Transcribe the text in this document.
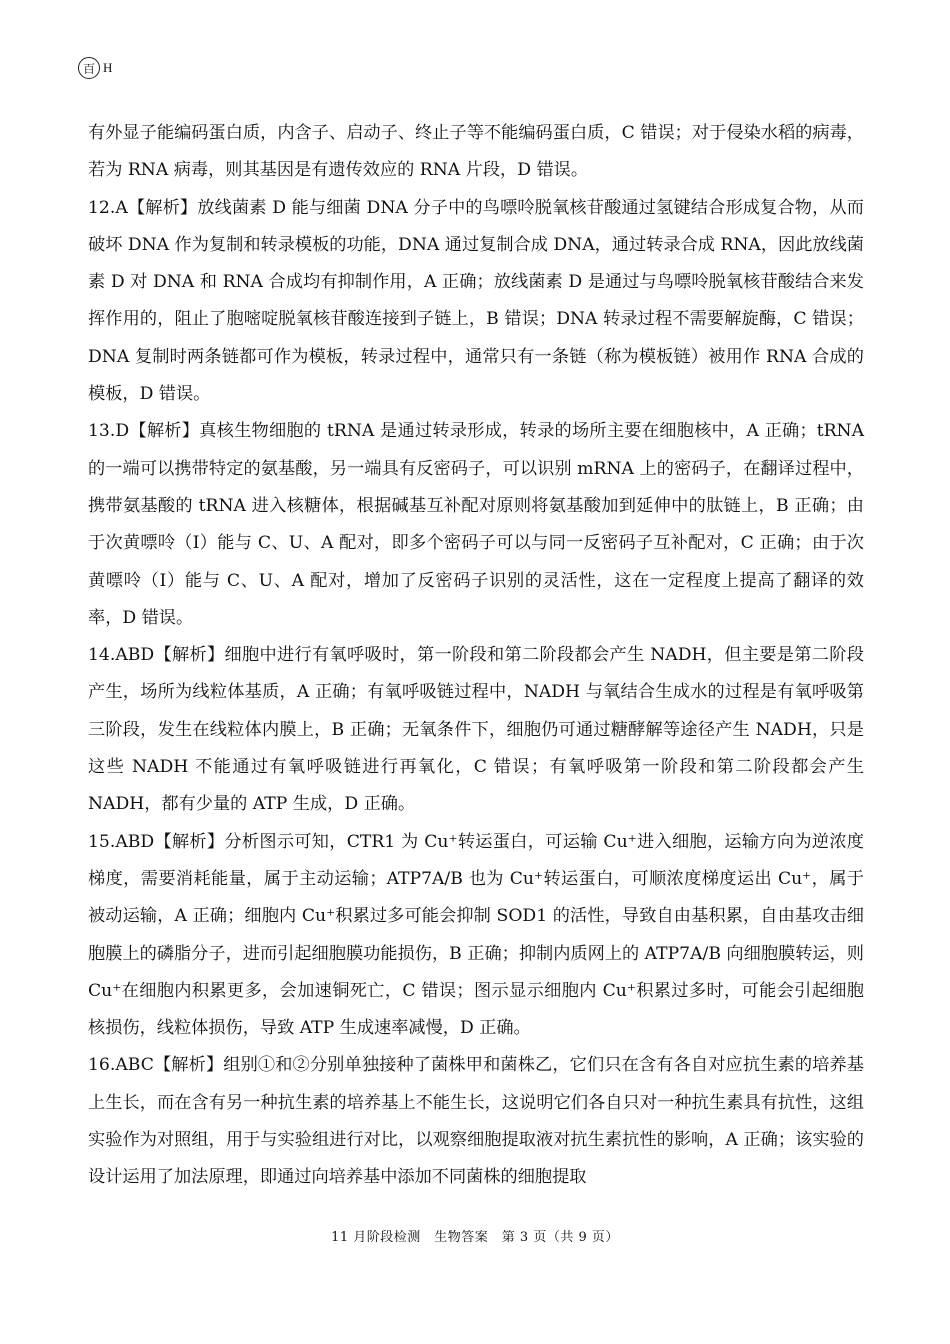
百 H

有外显子能编码蛋白质，内含子、启动子、终止子等不能编码蛋白质，C 错误；对于侵染水稻的病毒，若为 RNA 病毒，则其基因是有遗传效应的 RNA 片段，D 错误。

12.A【解析】放线菌素 D 能与细菌 DNA 分子中的鸟嘌呤脱氧核苷酸通过氢键结合形成复合物，从而破坏 DNA 作为复制和转录模板的功能，DNA 通过复制合成 DNA，通过转录合成 RNA，因此放线菌素 D 对 DNA 和 RNA 合成均有抑制作用，A 正确；放线菌素 D 是通过与鸟嘌呤脱氧核苷酸结合来发挥作用的，阻止了胞嘧啶脱氧核苷酸连接到子链上，B 错误；DNA 转录过程不需要解旋酶，C 错误；DNA 复制时两条链都可作为模板，转录过程中，通常只有一条链（称为模板链）被用作 RNA 合成的模板，D 错误。

13.D【解析】真核生物细胞的 tRNA 是通过转录形成，转录的场所主要在细胞核中，A 正确；tRNA 的一端可以携带特定的氨基酸，另一端具有反密码子，可以识别 mRNA 上的密码子，在翻译过程中，携带氨基酸的 tRNA 进入核糖体，根据碱基互补配对原则将氨基酸加到延伸中的肽链上，B 正确；由于次黄嘌呤（I）能与 C、U、A 配对，即多个密码子可以与同一反密码子互补配对，C 正确；由于次黄嘌呤（I）能与 C、U、A 配对，增加了反密码子识别的灵活性，这在一定程度上提高了翻译的效率，D 错误。

14.ABD【解析】细胞中进行有氧呼吸时，第一阶段和第二阶段都会产生 NADH，但主要是第二阶段产生，场所为线粒体基质，A 正确；有氧呼吸链过程中，NADH 与氧结合生成水的过程是有氧呼吸第三阶段，发生在线粒体内膜上，B 正确；无氧条件下，细胞仍可通过糖酵解等途径产生 NADH，只是这些 NADH 不能通过有氧呼吸链进行再氧化，C 错误；有氧呼吸第一阶段和第二阶段都会产生 NADH，都有少量的 ATP 生成，D 正确。

15.ABD【解析】分析图示可知，CTR1 为 Cu⁺转运蛋白，可运输 Cu⁺进入细胞，运输方向为逆浓度梯度，需要消耗能量，属于主动运输；ATP7A/B 也为 Cu⁺转运蛋白，可顺浓度梯度运出 Cu⁺，属于被动运输，A 正确；细胞内 Cu⁺积累过多可能会抑制 SOD1 的活性，导致自由基积累，自由基攻击细胞膜上的磷脂分子，进而引起细胞膜功能损伤，B 正确；抑制内质网上的 ATP7A/B 向细胞膜转运，则 Cu⁺在细胞内积累更多，会加速铜死亡，C 错误；图示显示细胞内 Cu⁺积累过多时，可能会引起细胞核损伤，线粒体损伤，导致 ATP 生成速率减慢，D 正确。

16.ABC【解析】组别①和②分别单独接种了菌株甲和菌株乙，它们只在含有各自对应抗生素的培养基上生长，而在含有另一种抗生素的培养基上不能生长，这说明它们各自只对一种抗生素具有抗性，这组实验作为对照组，用于与实验组进行对比，以观察细胞提取液对抗生素抗性的影响，A 正确；该实验的设计运用了加法原理，即通过向培养基中添加不同菌株的细胞提取

11 月阶段检测　生物答案　第 3 页（共 9 页）
